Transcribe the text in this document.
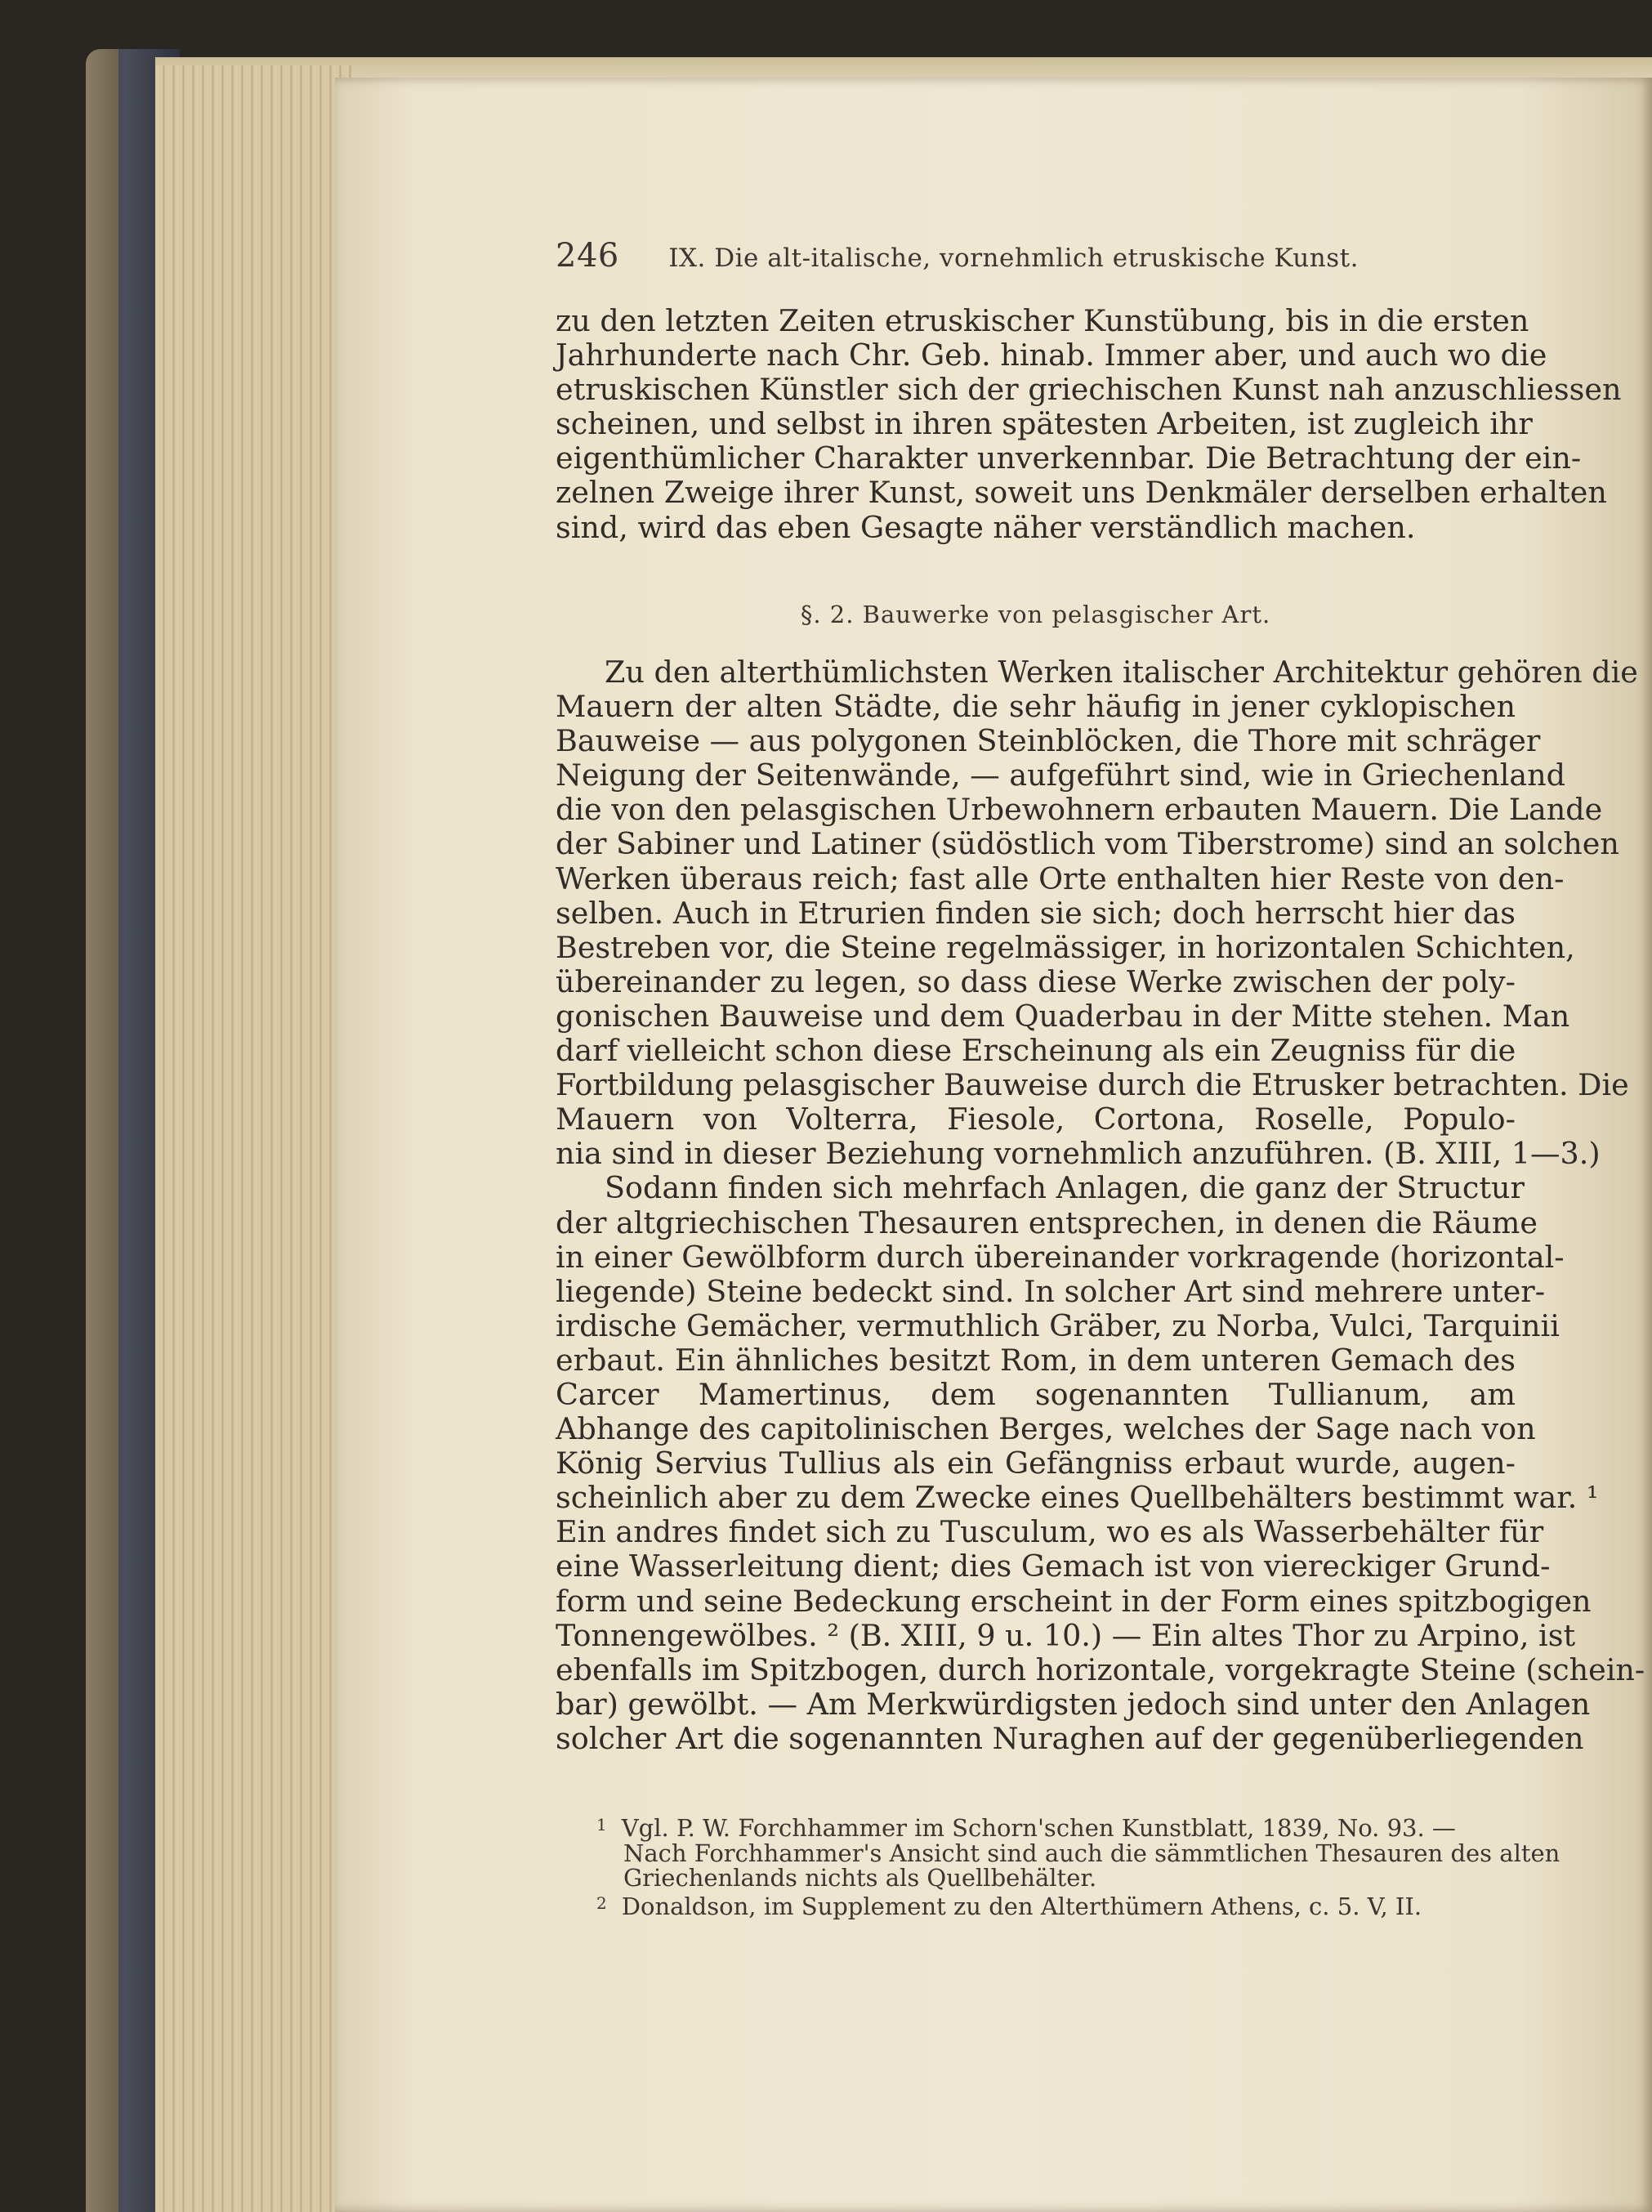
246 IX. Die alt-italische, vornehmlich etruskische Kunst.
zu den letzten Zeiten etruskischer Kunstübung, bis in die ersten
Jahrhunderte nach Chr. Geb. hinab. Immer aber, und auch wo die
etruskischen Künstler sich der griechischen Kunst nah anzuschliessen
scheinen, und selbst in ihren spätesten Arbeiten, ist zugleich ihr
eigenthümlicher Charakter unverkennbar. Die Betrachtung der ein-
zelnen Zweige ihrer Kunst, soweit uns Denkmäler derselben erhalten
sind, wird das eben Gesagte näher verständlich machen.
§. 2. Bauwerke von pelasgischer Art.
Zu den alterthümlichsten Werken italischer Architektur gehören die
Mauern der alten Städte, die sehr häufig in jener cyklopischen
Bauweise — aus polygonen Steinblöcken, die Thore mit schräger
Neigung der Seitenwände, — aufgeführt sind, wie in Griechenland
die von den pelasgischen Urbewohnern erbauten Mauern. Die Lande
der Sabiner und Latiner (südöstlich vom Tiberstrome) sind an solchen
Werken überaus reich; fast alle Orte enthalten hier Reste von den-
selben. Auch in Etrurien finden sie sich; doch herrscht hier das
Bestreben vor, die Steine regelmässiger, in horizontalen Schichten,
übereinander zu legen, so dass diese Werke zwischen der poly-
gonischen Bauweise und dem Quaderbau in der Mitte stehen. Man
darf vielleicht schon diese Erscheinung als ein Zeugniss für die
Fortbildung pelasgischer Bauweise durch die Etrusker betrachten. Die
Mauern von Volterra, Fiesole, Cortona, Roselle, Populo-
nia sind in dieser Beziehung vornehmlich anzuführen. (B. XIII, 1—3.)
Sodann finden sich mehrfach Anlagen, die ganz der Structur
der altgriechischen Thesauren entsprechen, in denen die Räume
in einer Gewölbform durch übereinander vorkragende (horizontal-
liegende) Steine bedeckt sind. In solcher Art sind mehrere unter-
irdische Gemächer, vermuthlich Gräber, zu Norba, Vulci, Tarquinii
erbaut. Ein ähnliches besitzt Rom, in dem unteren Gemach des
Carcer Mamertinus, dem sogenannten Tullianum, am
Abhange des capitolinischen Berges, welches der Sage nach von
König Servius Tullius als ein Gefängniss erbaut wurde, augen-
scheinlich aber zu dem Zwecke eines Quellbehälters bestimmt war. ¹
Ein andres findet sich zu Tusculum, wo es als Wasserbehälter für
eine Wasserleitung dient; dies Gemach ist von viereckiger Grund-
form und seine Bedeckung erscheint in der Form eines spitzbogigen
Tonnengewölbes. ² (B. XIII, 9 u. 10.) — Ein altes Thor zu Arpino, ist
ebenfalls im Spitzbogen, durch horizontale, vorgekragte Steine (schein-
bar) gewölbt. — Am Merkwürdigsten jedoch sind unter den Anlagen
solcher Art die sogenannten Nuraghen auf der gegenüberliegenden
$^1$ Vgl. P. W. Forchhammer im Schorn'schen Kunstblatt, 1839, No. 93. —
Nach Forchhammer's Ansicht sind auch die sämmtlichen Thesauren des alten
Griechenlands nichts als Quellbehälter.
$^2$ Donaldson, im Supplement zu den Alterthümern Athens, c. 5. V, II.
